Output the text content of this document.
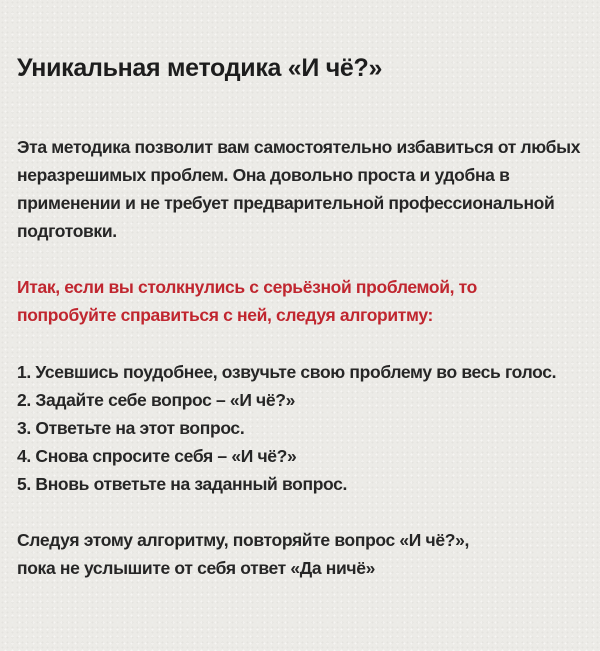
Уникальная методика «И чё?»

Эта методика позволит вам самостоятельно избавиться от любых
неразрешимых проблем. Она довольно проста и удобна в
применении и не требует предварительной профессиональной
подготовки.

Итак, если вы столкнулись с серьёзной проблемой, то
попробуйте справиться с ней, следуя алгоритму:

1. Усевшись поудобнее, озвучьте свою проблему во весь голос.
2. Задайте себе вопрос – «И чё?»
3. Ответьте на этот вопрос.
4. Снова спросите себя – «И чё?»
5. Вновь ответьте на заданный вопрос.

Следуя этому алгоритму, повторяйте вопрос «И чё?»,
пока не услышите от себя ответ «Да ничё»
